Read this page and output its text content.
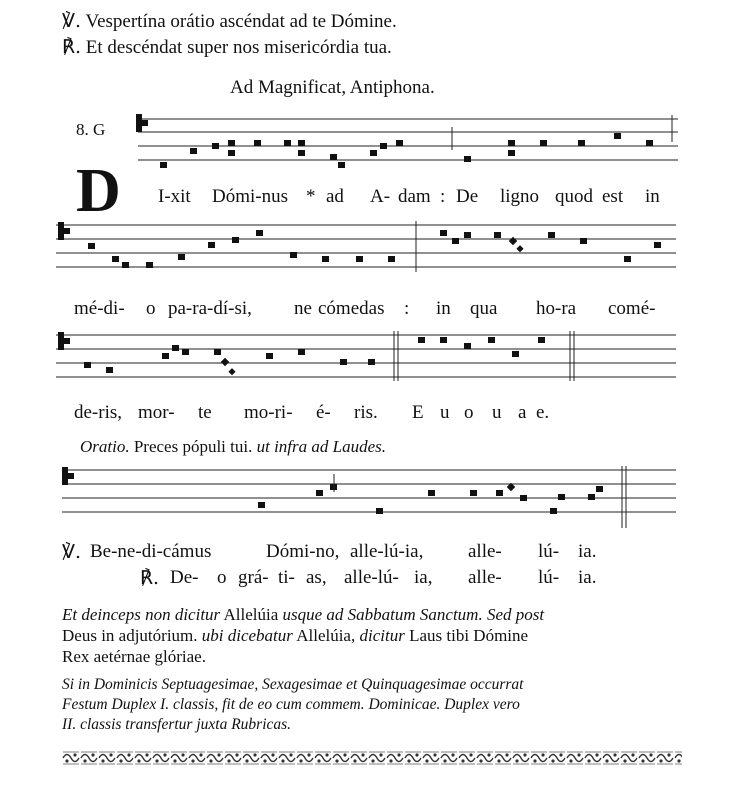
℣. Vespertína orátio ascéndat ad te Dómine.
℟. Et descéndat super nos misericórdia tua.
Ad Magnificat, Antiphona.
8. G
D I-xit Dómi-nus * ad A- dam : De ligno quod est in
mé-di- o pa-ra-dí-si, ne cómedas : in qua ho-ra comé-
de-ris, mor- te mo-ri- é- ris. E u o u a e.
Oratio. Preces pópuli tui. ut infra ad Laudes.
Be-ne-di-cámus	Dómi-no, alle-lú-ia, alle- lú- ia.
℣.
De- o grá- ti- as, alle-lú- ia, alle- lú- ia.
℟.

Et deinceps non dicitur Allelúia usque ad Sabbatum Sanctum. Sed post

Deus in adjutórium. ubi dicebatur Allelúia, dicitur Laus tibi Dómine

Rex aetérnae glóriae.

Si in Dominicis Septuagesimae, Sexagesimae et Quinquagesimae occurrat

Festum Duplex I. classis, fit de eo cum commem. Dominicae. Duplex vero

II. classis transfertur juxta Rubricas.
